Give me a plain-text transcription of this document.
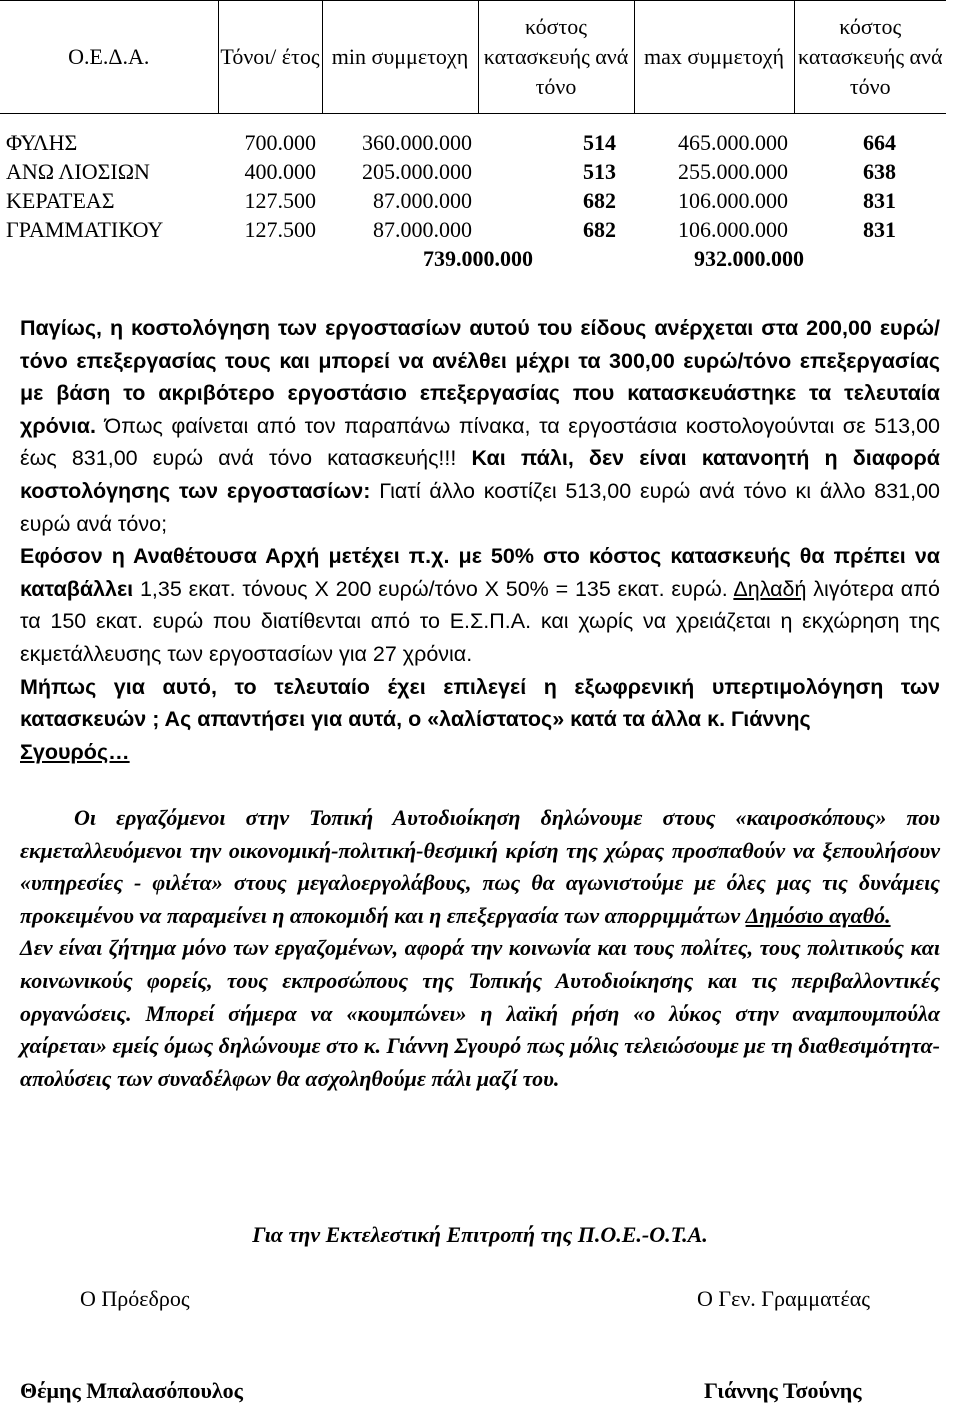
Ο.Ε.Δ.Α.	Τόνοι/ έτος	min συμμετοχη	κόστος κατασκευής ανά τόνο	max συμμετοχή	κόστος κατασκευής ανά τόνο

ΦΥΛΗΣ	700.000	360.000.000	514	465.000.000	664
ΑΝΩ ΛΙΟΣΙΩΝ	400.000	205.000.000	513	255.000.000	638
ΚΕΡΑΤΕΑΣ	127.500	87.000.000	682	106.000.000	831
ΓΡΑΜΜΑΤΙΚΟΥ	127.500	87.000.000	682	106.000.000	831
		739.000.000		932.000.000	
Παγίως, η κοστολόγηση των εργοστασίων αυτού του είδους ανέρχεται στα 200,00 ευρώ/τόνο επεξεργασίας τους και μπορεί να ανέλθει μέχρι τα 300,00 ευρώ/τόνο επεξεργασίας με βάση το ακριβότερο εργοστάσιο επεξεργασίας που κατασκευάστηκε τα τελευταία χρόνια. Όπως φαίνεται από τον παραπάνω πίνακα, τα εργοστάσια κοστολογούνται σε 513,00 έως 831,00 ευρώ ανά τόνο κατασκευής!!! Και πάλι, δεν είναι κατανοητή η διαφορά κοστολόγησης των εργοστασίων: Γιατί άλλο κοστίζει 513,00 ευρώ ανά τόνο κι άλλο 831,00 ευρώ ανά τόνο;
Εφόσον η Αναθέτουσα Αρχή μετέχει π.χ. με 50% στο κόστος κατασκευής θα πρέπει να καταβάλλει 1,35 εκατ. τόνους Χ 200 ευρώ/τόνο Χ 50% = 135 εκατ. ευρώ. Δηλαδή λιγότερα από τα 150 εκατ. ευρώ που διατίθενται από το Ε.Σ.Π.Α. και χωρίς να χρειάζεται η εκχώρηση της εκμετάλλευσης των εργοστασίων για 27 χρόνια.
Μήπως για αυτό, το τελευταίο έχει επιλεγεί η εξωφρενική υπερτιμολόγηση των κατασκευών ; Ας απαντήσει για αυτά, ο «λαλίστατος» κατά τα άλλα κ. Γιάννης
Σγουρός…
Οι εργαζόμενοι στην Τοπική Αυτοδιοίκηση δηλώνουμε στους «καιροσκόπους» που εκμεταλλευόμενοι την οικονομική-πολιτική-θεσμική κρίση της χώρας προσπαθούν να ξεπουλήσουν «υπηρεσίες - φιλέτα» στους μεγαλοεργολάβους, πως θα αγωνιστούμε με όλες μας τις δυνάμεις προκειμένου να παραμείνει η αποκομιδή και η επεξεργασία των απορριμμάτων Δημόσιο αγαθό.
Δεν είναι ζήτημα μόνο των εργαζομένων, αφορά την κοινωνία και τους πολίτες, τους πολιτικούς και κοινωνικούς φορείς, τους εκπροσώπους της Τοπικής Αυτοδιοίκησης και τις περιβαλλοντικές οργανώσεις. Μπορεί σήμερα να «κουμπώνει» η λαϊκή ρήση «ο λύκος στην αναμπουμπούλα χαίρεται» εμείς όμως δηλώνουμε στο κ. Γιάννη Σγουρό πως μόλις τελειώσουμε με τη διαθεσιμότητα-απολύσεις των συναδέλφων θα ασχοληθούμε πάλι μαζί του.
Για την Εκτελεστική Επιτροπή της Π.Ο.Ε.-Ο.Τ.Α.
Ο Πρόεδρος	Ο Γεν. Γραμματέας
Θέμης Μπαλασόπουλος	Γιάννης Τσούνης
